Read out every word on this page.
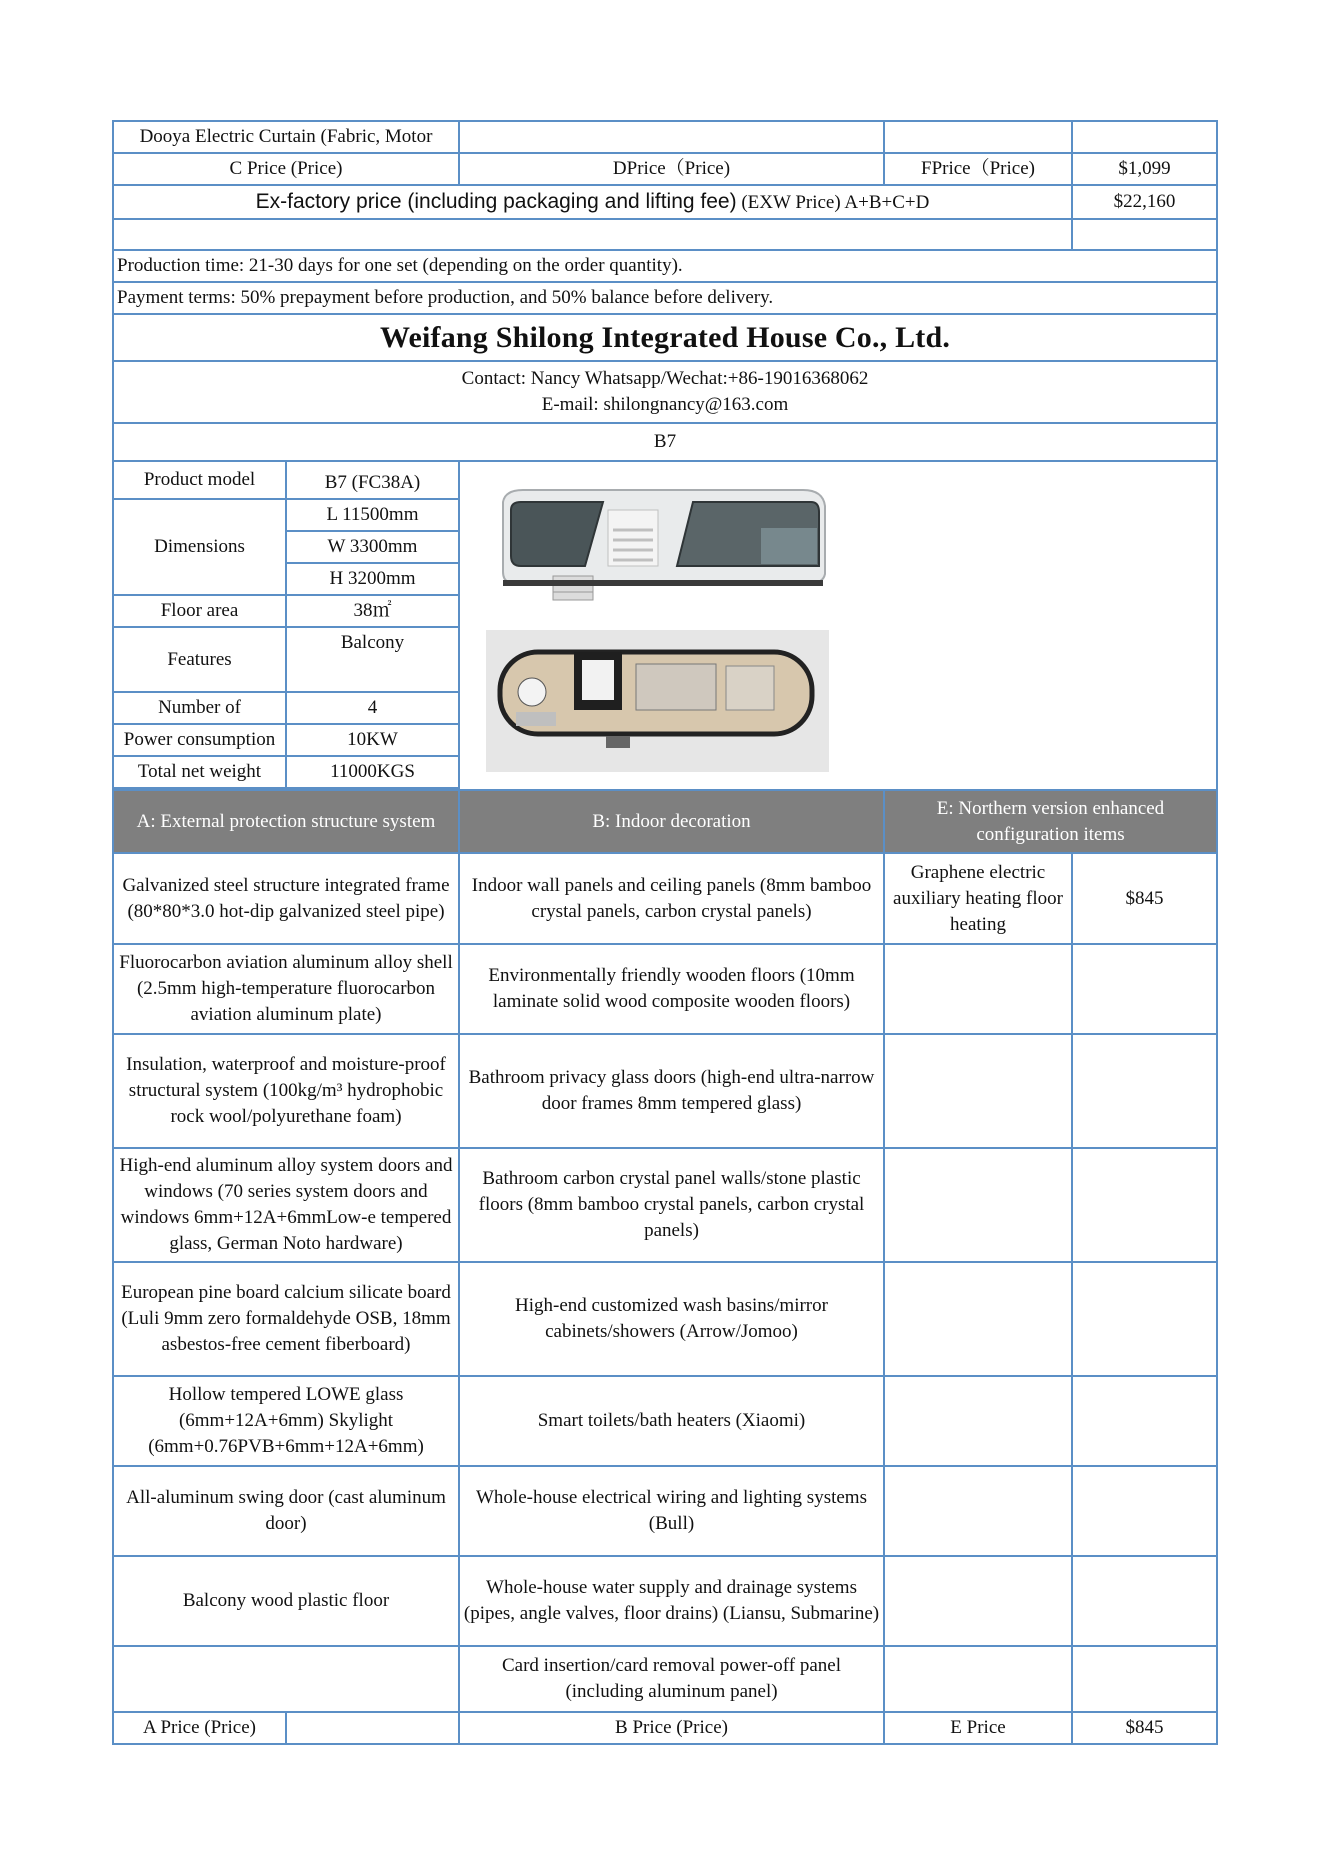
Dooya Electric Curtain (Fabric, Motor				
C Price (Price)		DPrice（Price)	FPrice（Price)	$1,099
Ex-factory price (including packaging and lifting fee) (EXW Price) A+B+C+D				$22,160

Production time: 21-30 days for one set (depending on the order quantity).				
Payment terms: 50% prepayment before production, and 50% balance before delivery.				
Weifang Shilong Integrated House Co., Ltd.				

Contact: Nancy Whatsapp/Wechat:+86-19016368062
E-mail: shilongnancy@163.com				

B7				
Product model	B7 (FC38A)	

Dimensions	L 11500mm			
	W 3300mm			
	H 3200mm			
Floor area	38㎡			
Features	Balcony			
Number of	4			
Power consumption	10KW			
Total net weight	11000KGS			

A: External protection structure system		B: Indoor decoration	E: Northern version enhanced configuration items	
Galvanized steel structure integrated frame (80*80*3.0 hot-dip galvanized steel pipe)		Indoor wall panels and ceiling panels (8mm bamboo crystal panels, carbon crystal panels)	Graphene electric auxiliary heating floor heating	$845
Fluorocarbon aviation aluminum alloy shell (2.5mm high-temperature fluorocarbon aviation aluminum plate)		Environmentally friendly wooden floors (10mm laminate solid wood composite wooden floors)		
Insulation, waterproof and moisture-proof structural system (100kg/m³ hydrophobic rock wool/polyurethane foam)		Bathroom privacy glass doors (high-end ultra-narrow door frames 8mm tempered glass)		
High-end aluminum alloy system doors and windows (70 series system doors and windows 6mm+12A+6mmLow-e tempered glass, German Noto hardware)		Bathroom carbon crystal panel walls/stone plastic floors (8mm bamboo crystal panels, carbon crystal panels)		
European pine board calcium silicate board (Luli 9mm zero formaldehyde OSB, 18mm asbestos-free cement fiberboard)		High-end customized wash basins/mirror cabinets/showers (Arrow/Jomoo)		
Hollow tempered LOWE glass (6mm+12A+6mm) Skylight (6mm+0.76PVB+6mm+12A+6mm)		Smart toilets/bath heaters (Xiaomi)		
All-aluminum swing door (cast aluminum door)		Whole-house electrical wiring and lighting systems (Bull)		
Balcony wood plastic floor		Whole-house water supply and drainage systems (pipes, angle valves, floor drains) (Liansu, Submarine)		
		Card insertion/card removal power-off panel (including aluminum panel)		
A Price (Price)		B Price (Price)	E Price	$845
